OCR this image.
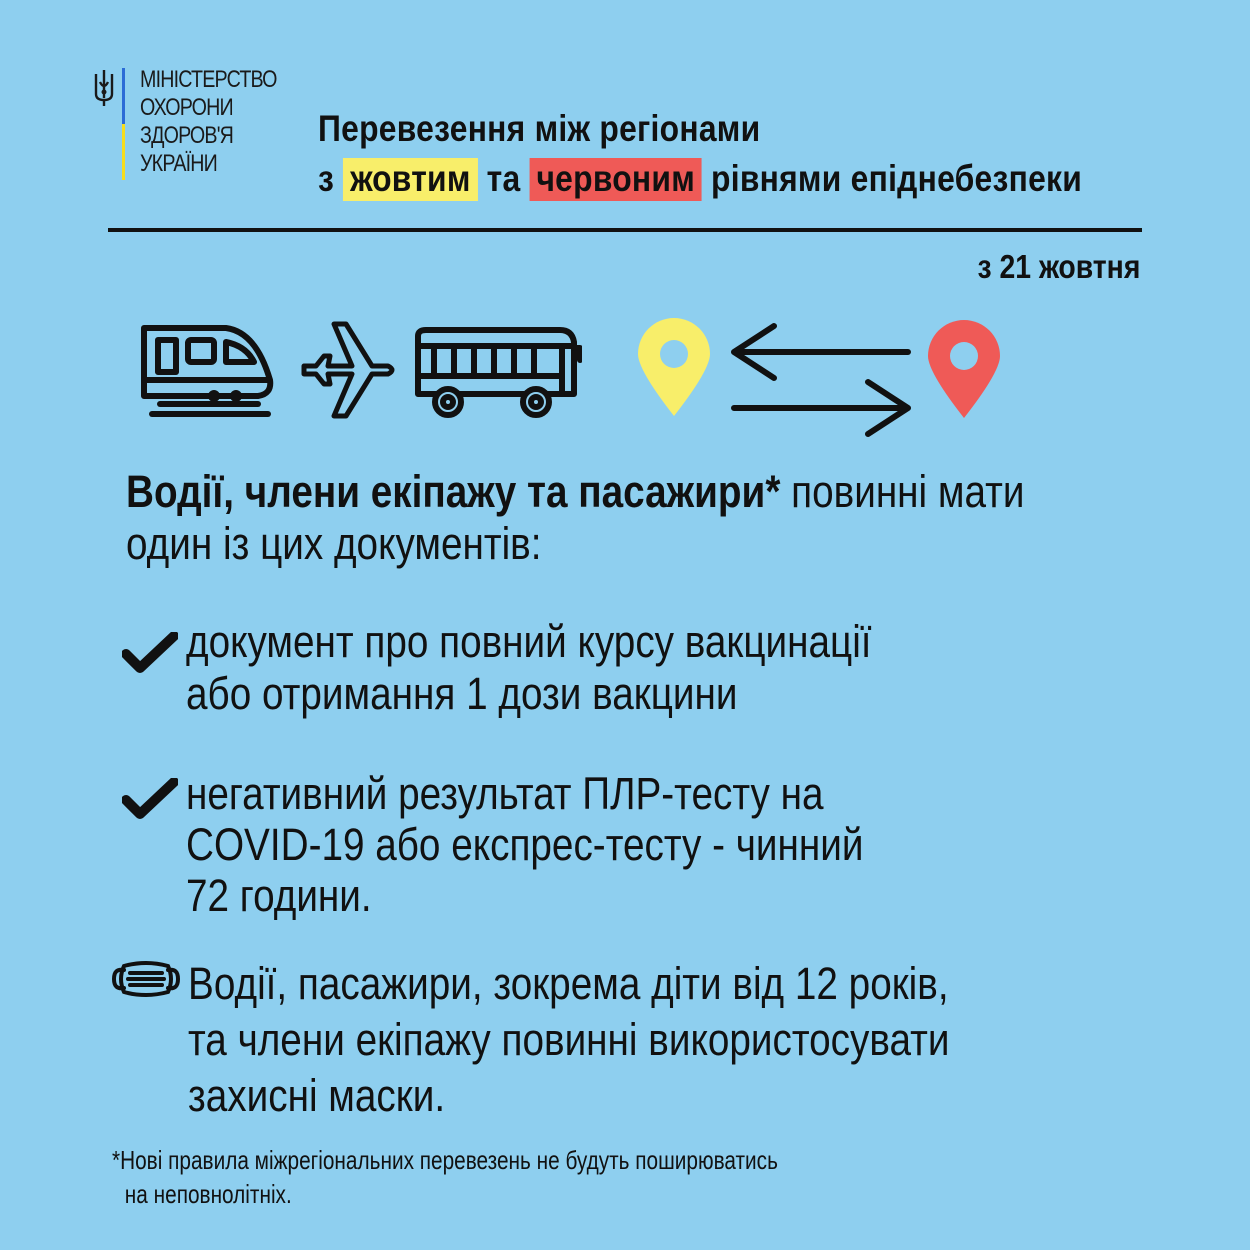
МІНІСТЕРСТВО
ОХОРОНИ
ЗДОРОВ'Я
УКРАЇНИ
Перевезення між регіонами
з жовтим та червоним рівнями епіднебезпеки
з 21 жовтня
Водії, члени екіпажу та пасажири* повинні мати
один із цих документів:
документ про повний курсу вакцинації
або отримання 1 дози вакцини
негативний результат ПЛР-тесту на
COVID-19 або експрес-тесту - чинний
72 години.
Водії, пасажири, зокрема діти від 12 років,
та члени екіпажу повинні використосувати
захисні маски.
*Нові правила міжрегіональних перевезень не будуть поширюватись
на неповнолітніх.
